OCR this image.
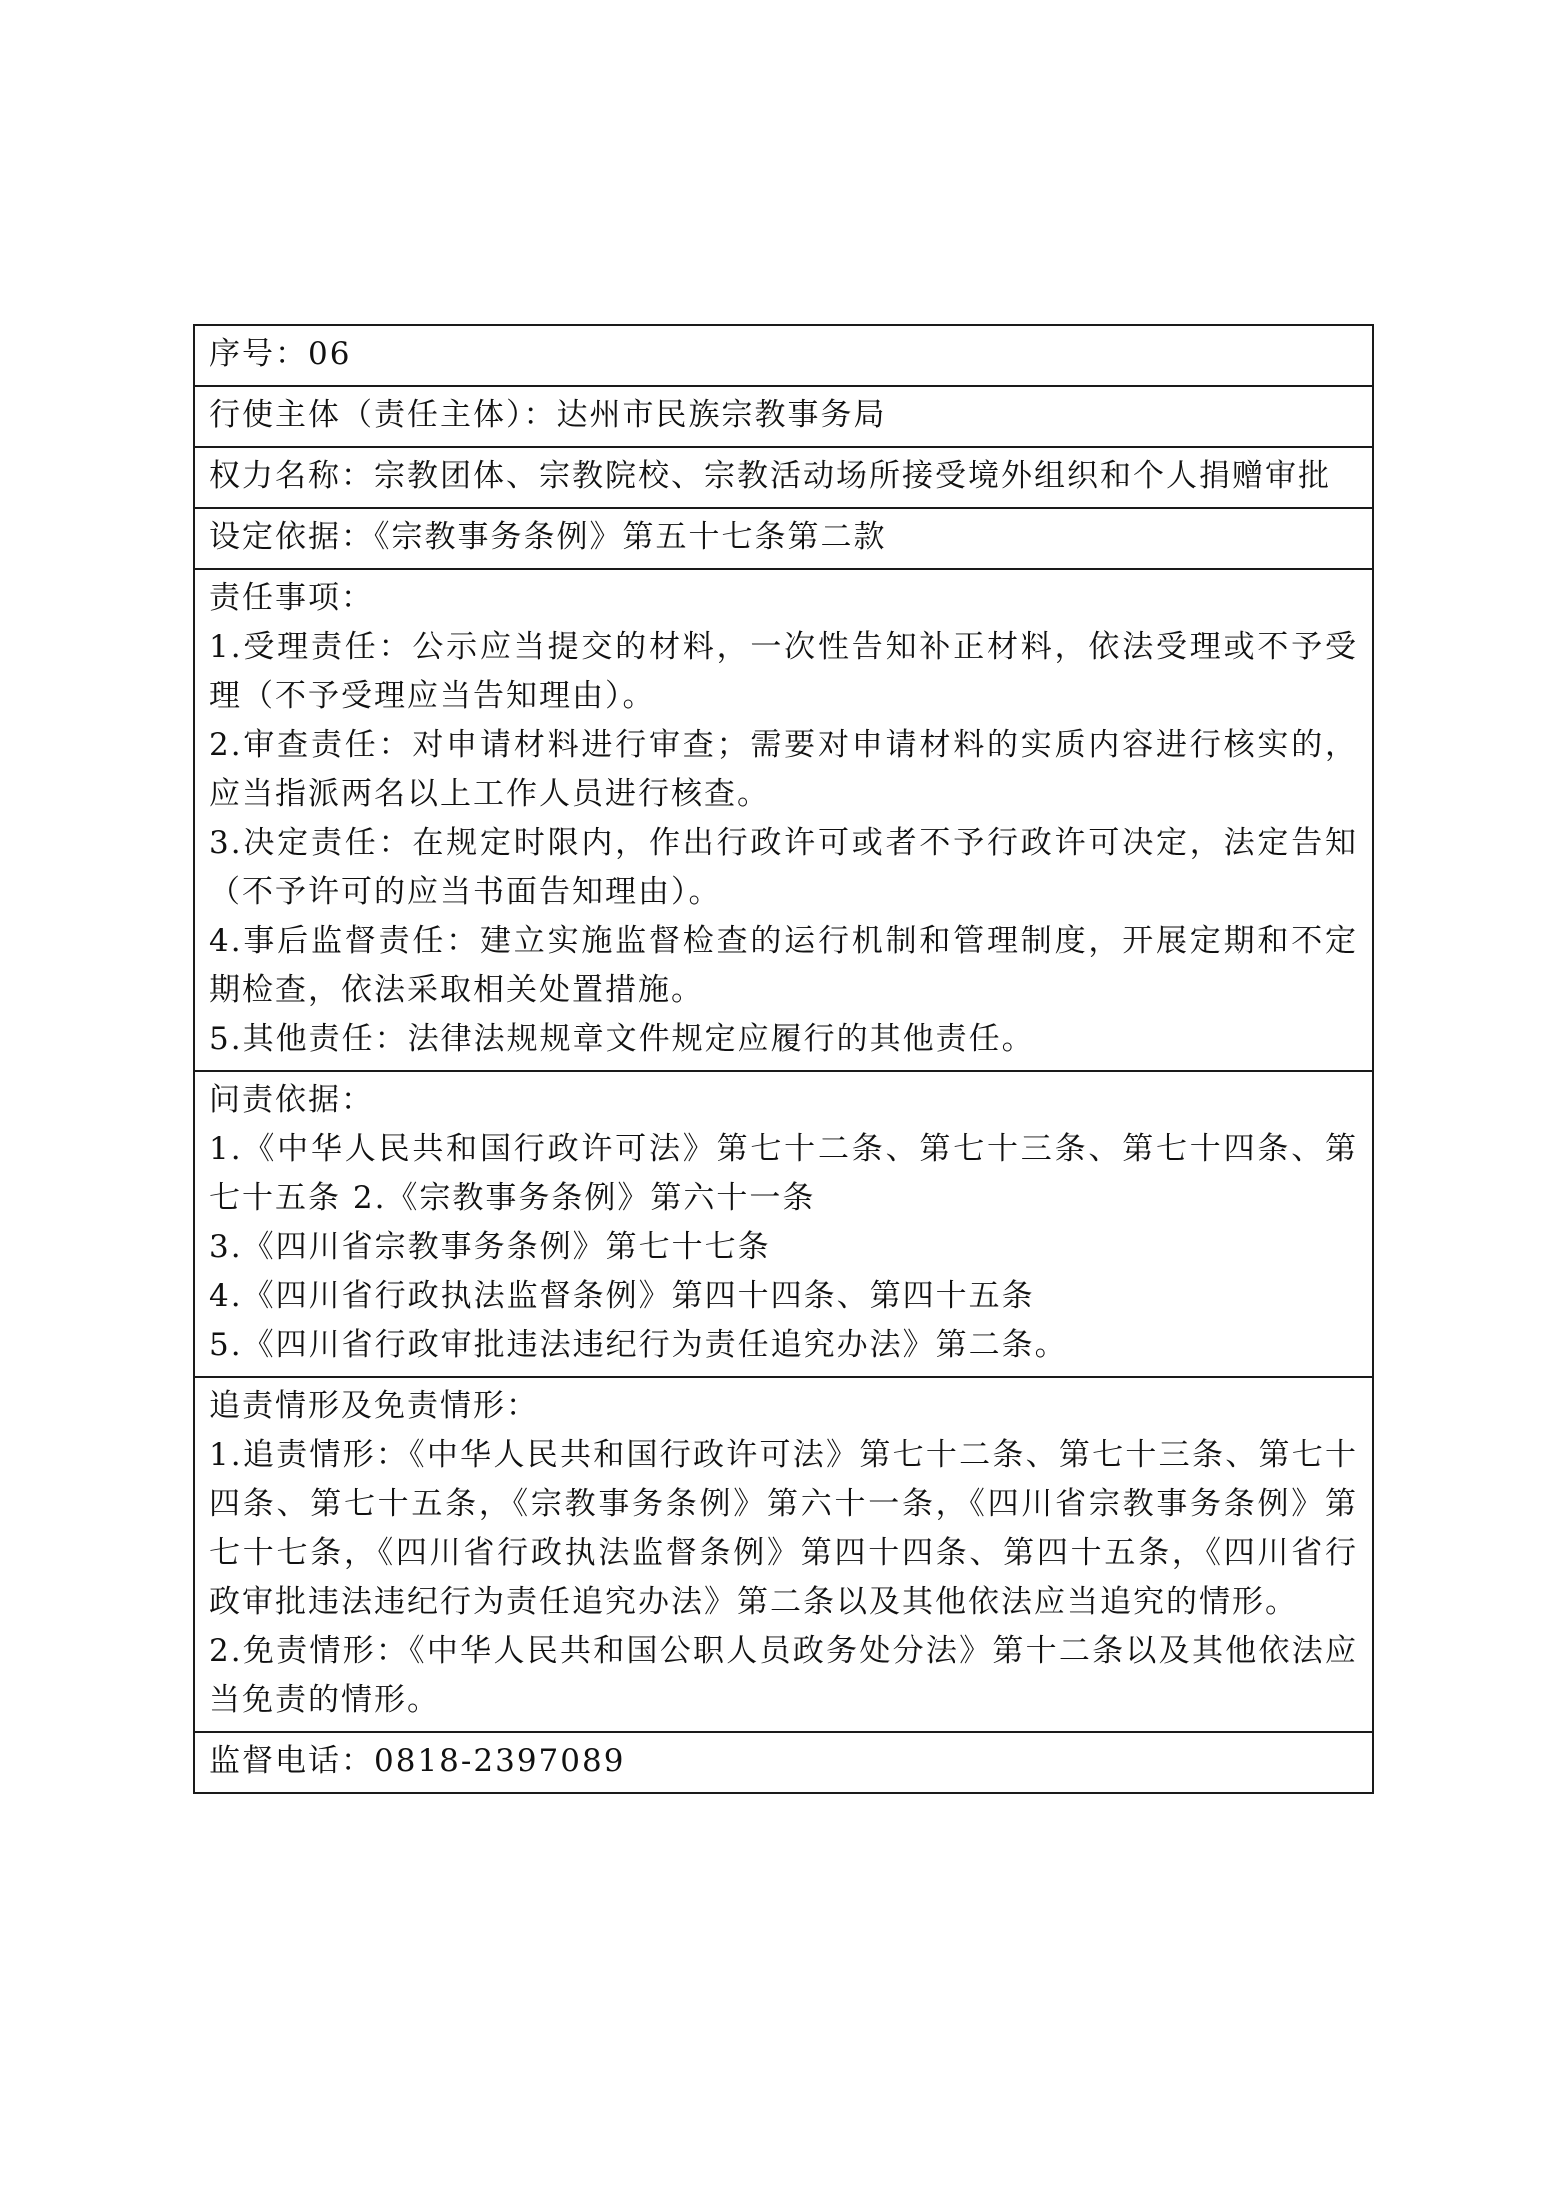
序号：06
行使主体（责任主体）：达州市民族宗教事务局
权力名称：宗教团体、宗教院校、宗教活动场所接受境外组织和个人捐赠审批
设定依据：《宗教事务条例》第五十七条第二款

责任事项：
1.受理责任：公示应当提交的材料，一次性告知补正材料，依法受理或不予受理（不予受理应当告知理由）。
2.审查责任：对申请材料进行审查；需要对申请材料的实质内容进行核实的，应当指派两名以上工作人员进行核查。
3.决定责任：在规定时限内，作出行政许可或者不予行政许可决定，法定告知（不予许可的应当书面告知理由）。
4.事后监督责任：建立实施监督检查的运行机制和管理制度，开展定期和不定期检查，依法采取相关处置措施。
5.其他责任：法律法规规章文件规定应履行的其他责任。

问责依据：
1.《中华人民共和国行政许可法》第七十二条、第七十三条、第七十四条、第七十五条 2.《宗教事务条例》第六十一条
3.《四川省宗教事务条例》第七十七条
4.《四川省行政执法监督条例》第四十四条、第四十五条
5.《四川省行政审批违法违纪行为责任追究办法》第二条。

追责情形及免责情形：
1.追责情形：《中华人民共和国行政许可法》第七十二条、第七十三条、第七十四条、第七十五条，《宗教事务条例》第六十一条，《四川省宗教事务条例》第七十七条，《四川省行政执法监督条例》第四十四条、第四十五条，《四川省行政审批违法违纪行为责任追究办法》第二条以及其他依法应当追究的情形。
2.免责情形：《中华人民共和国公职人员政务处分法》第十二条以及其他依法应当免责的情形。

监督电话：0818-2397089
